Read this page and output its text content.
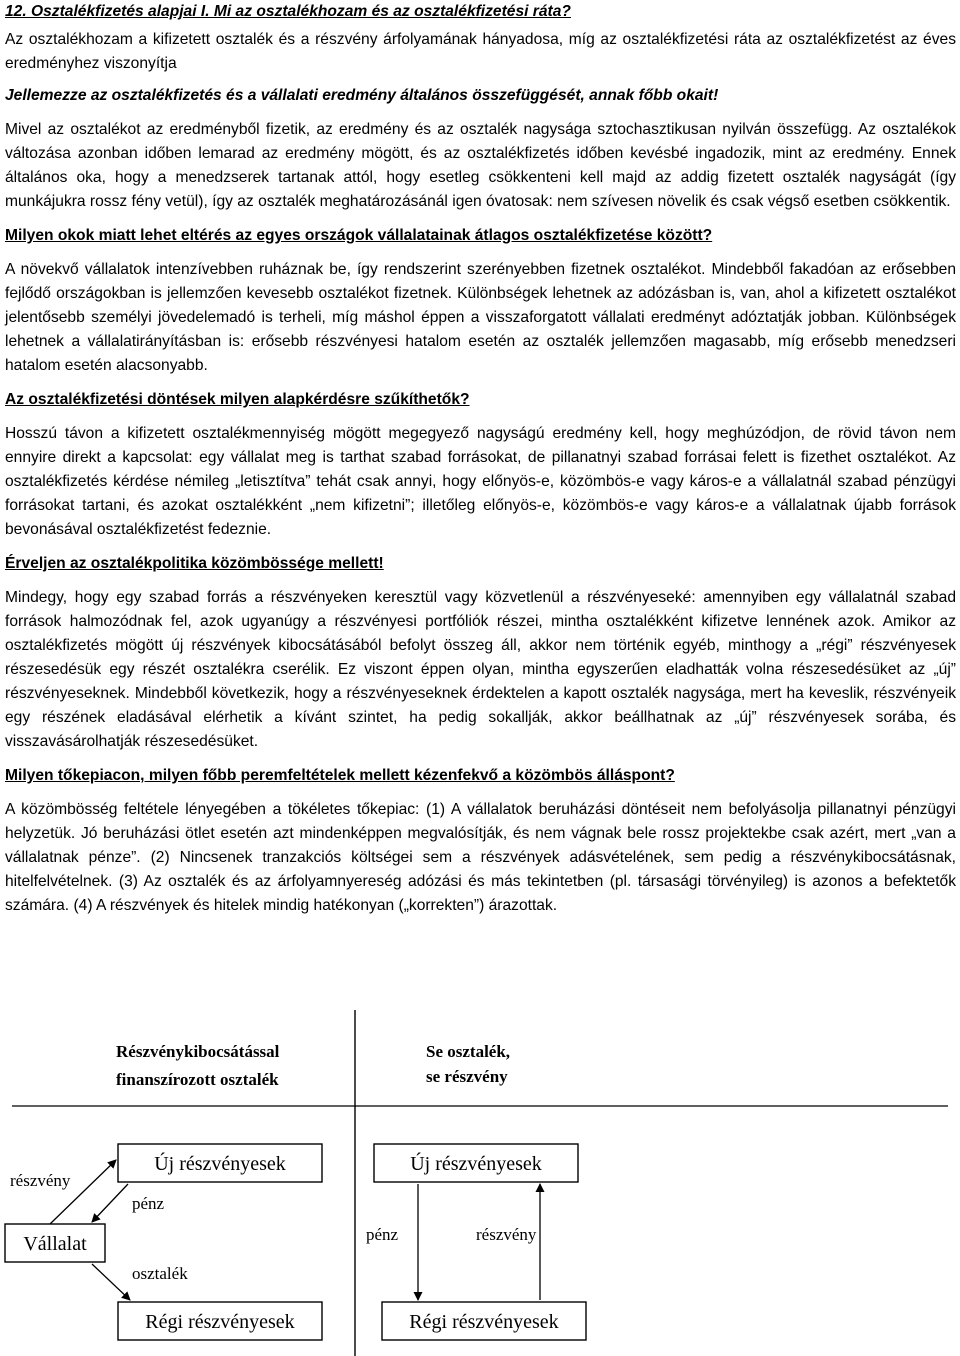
12. Osztalékfizetés alapjai I. Mi az osztalékhozam és az osztalékfizetési ráta?

Az osztalékhozam a kifizetett osztalék és a részvény árfolyamának hányadosa, míg az osztalékfizetési ráta az osztalékfizetést az éves eredményhez viszonyítja

Jellemezze az osztalékfizetés és a vállalati eredmény általános összefüggését, annak főbb okait!

Mivel az osztalékot az eredményből fizetik, az eredmény és az osztalék nagysága sztochasztikusan nyilván összefügg. Az osztalékok változása azonban időben lemarad az eredmény mögött, és az osztalékfizetés időben kevésbé ingadozik, mint az eredmény. Ennek általános oka, hogy a menedzserek tartanak attól, hogy esetleg csökkenteni kell majd az addig fizetett osztalék nagyságát (így munkájukra rossz fény vetül), így az osztalék meghatározásánál igen óvatosak: nem szívesen növelik és csak végső esetben csökkentik.

Milyen okok miatt lehet eltérés az egyes országok vállalatainak átlagos osztalékfizetése között?

A növekvő vállalatok intenzívebben ruháznak be, így rendszerint szerényebben fizetnek osztalékot. Mindebből fakadóan az erősebben fejlődő országokban is jellemzően kevesebb osztalékot fizetnek. Különbségek lehetnek az adózásban is, van, ahol a kifizetett osztalékot jelentősebb személyi jövedelemadó is terheli, míg máshol éppen a visszaforgatott vállalati eredményt adóztatják jobban. Különbségek lehetnek a vállalatirányításban is: erősebb részvényesi hatalom esetén az osztalék jellemzően magasabb, míg erősebb menedzseri hatalom esetén alacsonyabb.

Az osztalékfizetési döntések milyen alapkérdésre szűkíthetők?

Hosszú távon a kifizetett osztalékmennyiség mögött megegyező nagyságú eredmény kell, hogy meghúzódjon, de rövid távon nem ennyire direkt a kapcsolat: egy vállalat meg is tarthat szabad forrásokat, de pillanatnyi szabad forrásai felett is fizethet osztalékot. Az osztalékfizetés kérdése némileg „letisztítva” tehát csak annyi, hogy előnyös-e, közömbös-e vagy káros-e a vállalatnál szabad pénzügyi forrásokat tartani, és azokat osztalékként „nem kifizetni”; illetőleg előnyös-e, közömbös-e vagy káros-e a vállalatnak újabb források bevonásával osztalékfizetést fedeznie.

Érveljen az osztalékpolitika közömbössége mellett!

Mindegy, hogy egy szabad forrás a részvényeken keresztül vagy közvetlenül a részvényeseké: amennyiben egy vállalatnál szabad források halmozódnak fel, azok ugyanúgy a részvényesi portfóliók részei, mintha osztalékként kifizetve lennének azok. Amikor az osztalékfizetés mögött új részvények kibocsátásából befolyt összeg áll, akkor nem történik egyéb, minthogy a „régi” részvényesek részesedésük egy részét osztalékra cserélik. Ez viszont éppen olyan, mintha egyszerűen eladhatták volna részesedésüket az „új” részvényeseknek. Mindebből következik, hogy a részvényeseknek érdektelen a kapott osztalék nagysága, mert ha keveslik, részvényeik egy részének eladásával elérhetik a kívánt szintet, ha pedig sokallják, akkor beállhatnak az „új” részvényesek sorába, és visszavásárolhatják részesedésüket.

Milyen tőkepiacon, milyen főbb peremfeltételek mellett kézenfekvő a közömbös álláspont?

A közömbösség feltétele lényegében a tökéletes tőkepiac: (1) A vállalatok beruházási döntéseit nem befolyásolja pillanatnyi pénzügyi helyzetük. Jó beruházási ötlet esetén azt mindenképpen megvalósítják, és nem vágnak bele rossz projektekbe csak azért, mert „van a vállalatnak pénze”. (2) Nincsenek tranzakciós költségei sem a részvények adásvételének, sem pedig a részvénykibocsátásnak, hitelfelvételnek. (3) Az osztalék és az árfolyamnyereség adózási és más tekintetben (pl. társasági törvényileg) is azonos a befektetők számára. (4) A részvények és hitelek mindig hatékonyan („korrekten”) árazottak.

Részvénykibocsátással
finanszírozott osztalék
Se osztalék,
se részvény
Új részvényesek
Vállalat
Régi részvényesek
részvény
pénz
osztalék
Új részvényesek
Régi részvényesek
pénz	részvény
